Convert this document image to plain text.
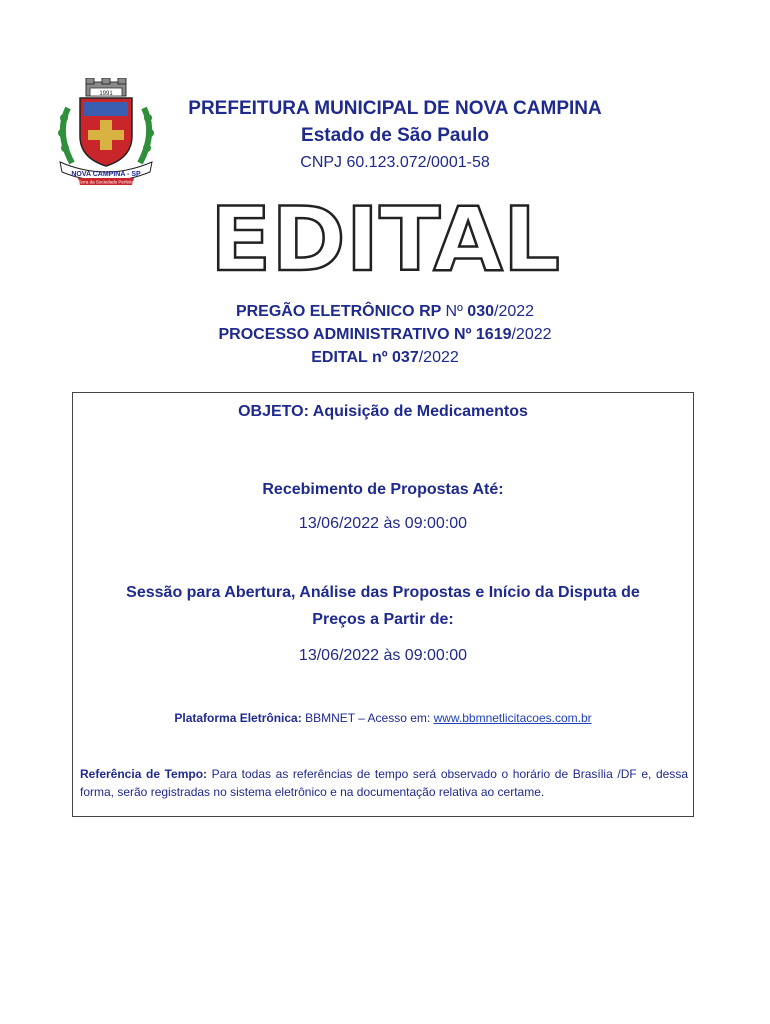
1991
NOVA CAMPINA - SP
Terra da Sociedade Perfeita
PREFEITURA MUNICIPAL DE NOVA CAMPINA
Estado de São Paulo
CNPJ 60.123.072/0001-58
EDITAL
PREGÃO ELETRÔNICO RP Nº 030/2022
PROCESSO ADMINISTRATIVO Nº 1619/2022
EDITAL nº 037/2022
OBJETO: Aquisição de Medicamentos
Recebimento de Propostas Até:
13/06/2022 às 09:00:00
Sessão para Abertura, Análise das Propostas e Início da Disputa de
Preços a Partir de:
13/06/2022 às 09:00:00
Plataforma Eletrônica: BBMNET – Acesso em: www.bbmnetlicitacoes.com.br
Referência de Tempo: Para todas as referências de tempo será observado o horário de Brasília /DF e, dessa forma, serão registradas no sistema eletrônico e na documentação relativa ao certame.
